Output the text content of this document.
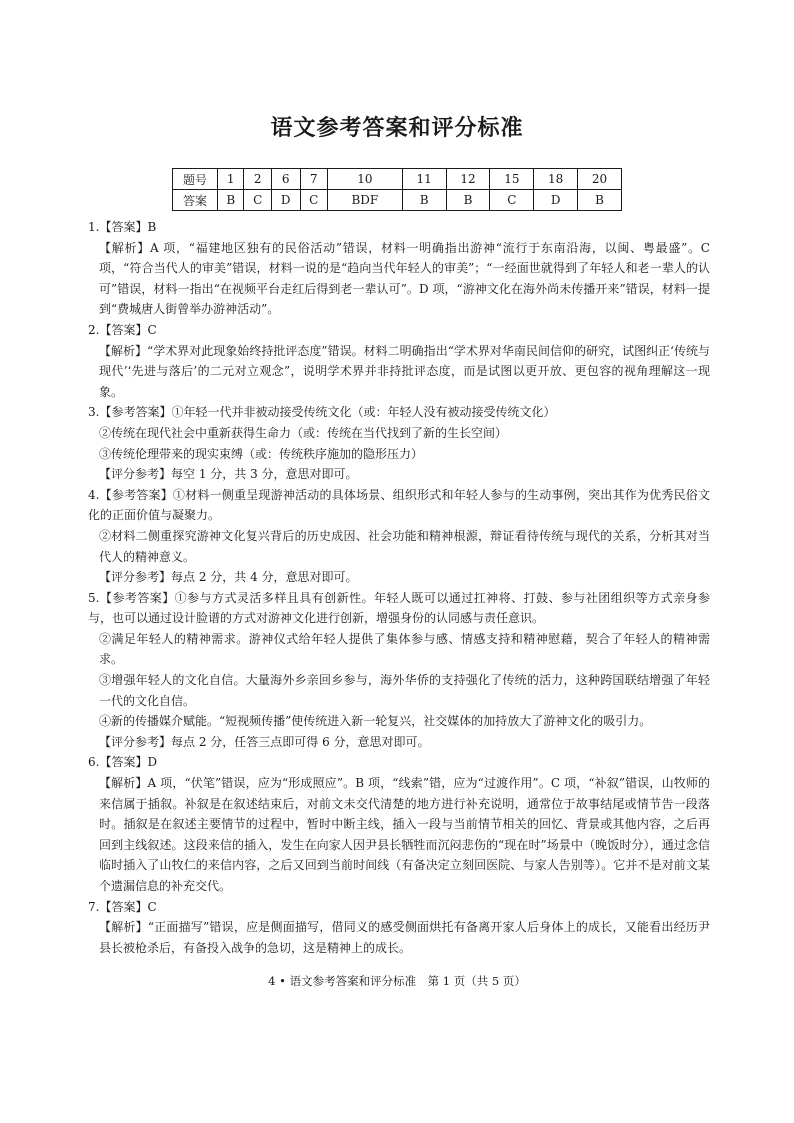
语文参考答案和评分标准
题号	1	2	6	7	10	11	12	15	18	20
答案	B	C	D	C	BDF	B	B	C	D	B

1.【答案】B

【解析】A 项，“福建地区独有的民俗活动”错误，材料一明确指出游神“流行于东南沿海，以闽、粤最盛”。C 项，“符合当代人的审美”错误，材料一说的是“趋向当代年轻人的审美”；“一经面世就得到了年轻人和老一辈人的认可”错误，材料一指出“在视频平台走红后得到老一辈认可”。D 项，“游神文化在海外尚未传播开来”错误，材料一提到“费城唐人街曾举办游神活动”。

2.【答案】C

【解析】“学术界对此现象始终持批评态度”错误。材料二明确指出“学术界对华南民间信仰的研究，试图纠正‘传统与现代’‘先进与落后’的二元对立观念”，说明学术界并非持批评态度，而是试图以更开放、更包容的视角理解这一现象。

3.【参考答案】①年轻一代并非被动接受传统文化（或：年轻人没有被动接受传统文化）

②传统在现代社会中重新获得生命力（或：传统在当代找到了新的生长空间）

③传统伦理带来的现实束缚（或：传统秩序施加的隐形压力）

【评分参考】每空 1 分，共 3 分，意思对即可。

4.【参考答案】①材料一侧重呈现游神活动的具体场景、组织形式和年轻人参与的生动事例，突出其作为优秀民俗文化的正面价值与凝聚力。

②材料二侧重探究游神文化复兴背后的历史成因、社会功能和精神根源，辩证看待传统与现代的关系，分析其对当代人的精神意义。

【评分参考】每点 2 分，共 4 分，意思对即可。

5.【参考答案】①参与方式灵活多样且具有创新性。年轻人既可以通过扛神将、打鼓、参与社团组织等方式亲身参与，也可以通过设计脸谱的方式对游神文化进行创新，增强身份的认同感与责任意识。

②满足年轻人的精神需求。游神仪式给年轻人提供了集体参与感、情感支持和精神慰藉，契合了年轻人的精神需求。

③增强年轻人的文化自信。大量海外乡亲回乡参与，海外华侨的支持强化了传统的活力，这种跨国联结增强了年轻一代的文化自信。

④新的传播媒介赋能。“短视频传播”使传统进入新一轮复兴，社交媒体的加持放大了游神文化的吸引力。

【评分参考】每点 2 分，任答三点即可得 6 分，意思对即可。

6.【答案】D

【解析】A 项，“伏笔”错误，应为“形成照应”。B 项，“线索”错，应为“过渡作用”。C 项，“补叙”错误，山牧师的来信属于插叙。补叙是在叙述结束后，对前文未交代清楚的地方进行补充说明，通常位于故事结尾或情节告一段落时。插叙是在叙述主要情节的过程中，暂时中断主线，插入一段与当前情节相关的回忆、背景或其他内容，之后再回到主线叙述。这段来信的插入，发生在向家人因尹县长牺牲而沉闷悲伤的“现在时”场景中（晚饭时分），通过念信临时插入了山牧仁的来信内容，之后又回到当前时间线（有备决定立刻回医院、与家人告别等）。它并不是对前文某个遗漏信息的补充交代。

7.【答案】C

【解析】“正面描写”错误，应是侧面描写，借同义的感受侧面烘托有备离开家人后身体上的成长，又能看出经历尹县长被枪杀后，有备投入战争的急切，这是精神上的成长。

4 • 语文参考答案和评分标准　第 1 页（共 5 页）
